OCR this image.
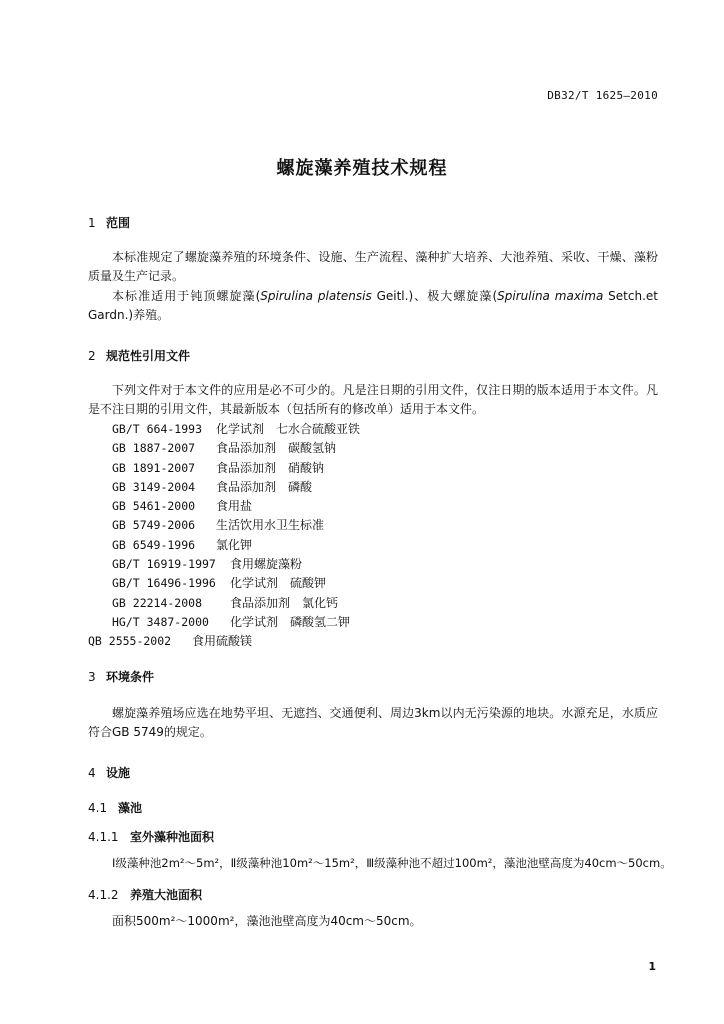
DB32/T 1625—2010
螺旋藻养殖技术规程
1 范围
本标准规定了螺旋藻养殖的环境条件、设施、生产流程、藻种扩大培养、大池养殖、采收、干燥、藻粉质量及生产记录。
本标准适用于钝顶螺旋藻(Spirulina platensis Geitl.)、极大螺旋藻(Spirulina maxima Setch.et Gardn.)养殖。
2 规范性引用文件
下列文件对于本文件的应用是必不可少的。凡是注日期的引用文件，仅注日期的版本适用于本文件。凡是不注日期的引用文件，其最新版本（包括所有的修改单）适用于本文件。
GB/T 664-1993 化学试剂　七水合硫酸亚铁
GB 1887-2007 食品添加剂　碳酸氢钠
GB 1891-2007 食品添加剂　硝酸钠
GB 3149-2004 食品添加剂　磷酸
GB 5461-2000 食用盐
GB 5749-2006 生活饮用水卫生标准
GB 6549-1996 氯化钾
GB/T 16919-1997 食用螺旋藻粉
GB/T 16496-1996 化学试剂　硫酸钾
GB 22214-2008 食品添加剂　氯化钙
HG/T 3487-2000 化学试剂　磷酸氢二钾
QB 2555-2002 食用硫酸镁
3 环境条件
螺旋藻养殖场应选在地势平坦、无遮挡、交通便利、周边3km以内无污染源的地块。水源充足，水质应符合GB 5749的规定。
4 设施
4.1 藻池
4.1.1 室外藻种池面积
Ⅰ级藻种池2m²～5m²，Ⅱ级藻种池10m²～15m²，Ⅲ级藻种池不超过100m²，藻池池壁高度为40cm～50cm。
4.1.2 养殖大池面积
面积500m²～1000m²，藻池池壁高度为40cm～50cm。
1
